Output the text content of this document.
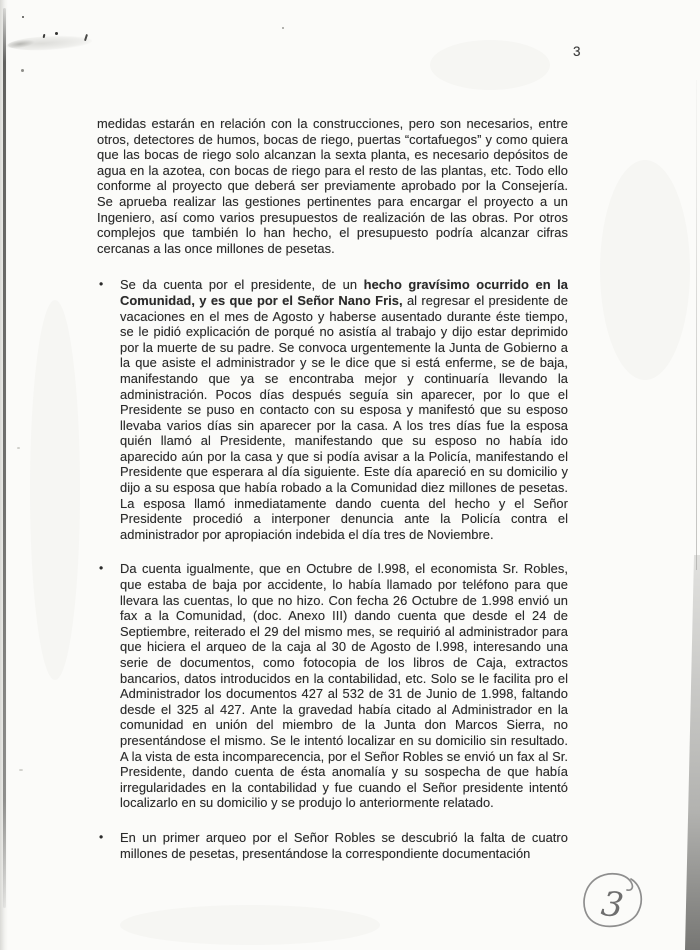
3

medidas estarán en relación con la construcciones, pero son necesarios, entre otros, detectores de humos, bocas de riego, puertas “cortafuegos” y como quiera que las bocas de riego solo alcanzan la sexta planta, es necesario depósitos de agua en la azotea, con bocas de riego para el resto de las plantas, etc. Todo ello conforme al proyecto que deberá ser previamente aprobado por la Consejería. Se aprueba realizar las gestiones pertinentes para encargar el proyecto a un Ingeniero, así como varios presupuestos de realización de las obras. Por otros complejos que también lo han hecho, el presupuesto podría alcanzar cifras cercanas a las once millones de pesetas.

•	Se da cuenta por el presidente, de un hecho gravísimo ocurrido en la Comunidad, y es que por el Señor Nano Fris, al regresar el presidente de vacaciones en el mes de Agosto y haberse ausentado durante éste tiempo, se le pidió explicación de porqué no asistía al trabajo y dijo estar deprimido por la muerte de su padre. Se convoca urgentemente la Junta de Gobierno a la que asiste el administrador y se le dice que si está enferme, se de baja, manifestando que ya se encontraba mejor y continuaría llevando la administración. Pocos días después seguía sin aparecer, por lo que el Presidente se puso en contacto con su esposa y manifestó que su esposo llevaba varios días sin aparecer por la casa. A los tres días fue la esposa quién llamó al Presidente, manifestando que su esposo no había ido aparecido aún por la casa y que si podía avisar a la Policía, manifestando el Presidente que esperara al día siguiente. Este día apareció en su domicilio y dijo a su esposa que había robado a la Comunidad diez millones de pesetas. La esposa llamó inmediatamente dando cuenta del hecho y el Señor Presidente procedió a interponer denuncia ante la Policía contra el administrador por apropiación indebida el día tres de Noviembre.

•	Da cuenta igualmente, que en Octubre de l.998, el economista Sr. Robles, que estaba de baja por accidente, lo había llamado por teléfono para que llevara las cuentas, lo que no hizo. Con fecha 26 Octubre de 1.998 envió un fax a la Comunidad, (doc. Anexo III) dando cuenta que desde el 24 de Septiembre, reiterado el 29 del mismo mes, se requirió al administrador para que hiciera el arqueo de la caja al 30 de Agosto de l.998, interesando una serie de documentos, como fotocopia de los libros de Caja, extractos bancarios, datos introducidos en la contabilidad, etc. Solo se le facilita pro el Administrador los documentos 427 al 532 de 31 de Junio de 1.998, faltando desde el 325 al 427. Ante la gravedad había citado al Administrador en la comunidad en unión del miembro de la Junta don Marcos Sierra, no presentándose el mismo. Se le intentó localizar en su domicilio sin resultado. A la vista de esta incomparecencia, por el Señor Robles se envió un fax al Sr. Presidente, dando cuenta de ésta anomalía y su sospecha de que había irregularidades en la contabilidad y fue cuando el Señor presidente intentó localizarlo en su domicilio y se produjo lo anteriormente relatado.

•	En un primer arqueo por el Señor Robles se descubrió la falta de cuatro millones de pesetas, presentándose la correspondiente documentación

3
